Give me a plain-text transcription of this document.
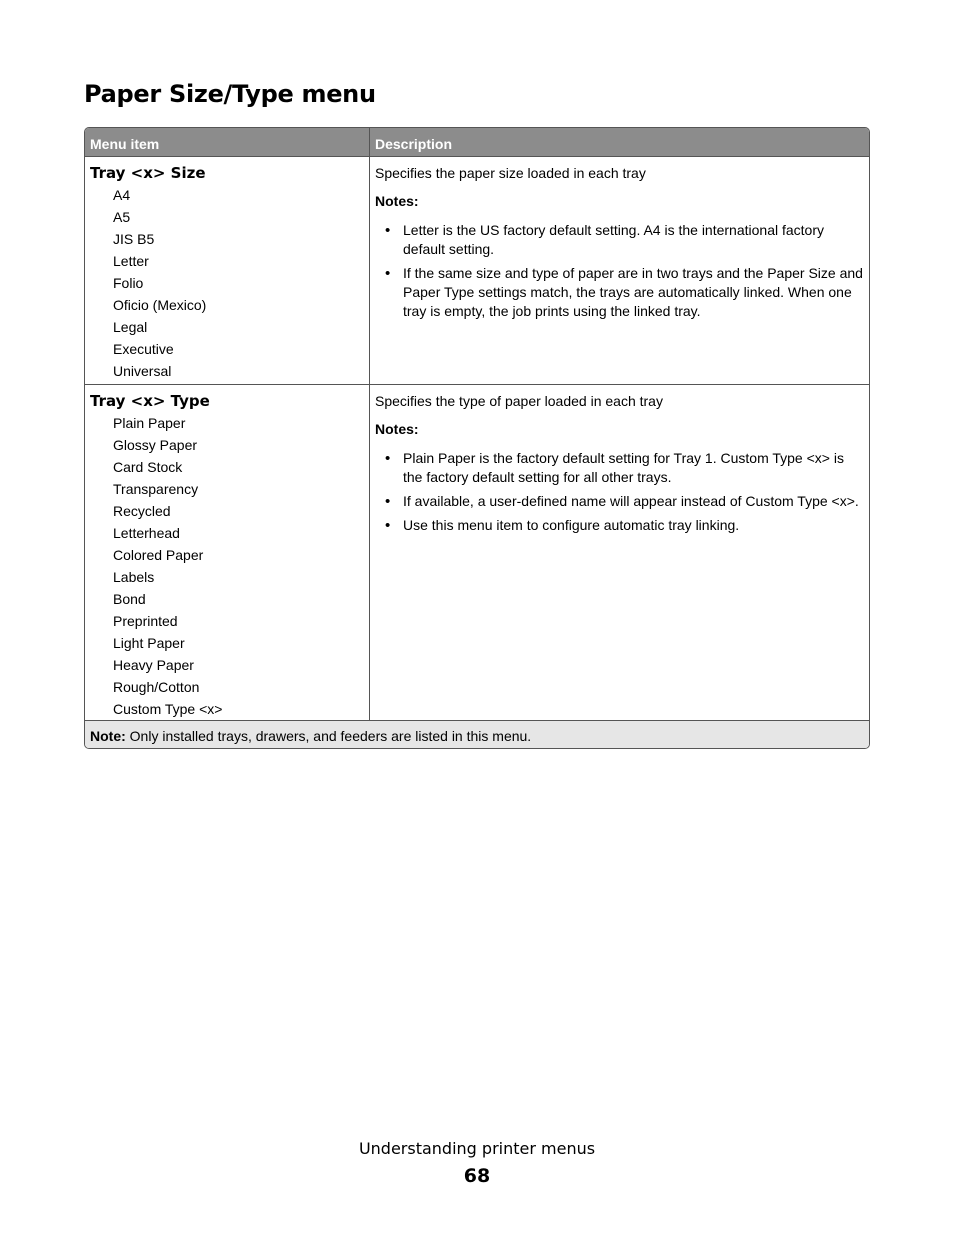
Paper Size/Type menu
Menu item	Description
Tray <x> Size
A4
A5
JIS B5
Letter
Folio
Oficio (Mexico)
Legal
Executive
Universal

Specifies the paper size loaded in each tray

Notes:

• Letter is the US factory default setting. A4 is the international factory default setting.
• If the same size and type of paper are in two trays and the Paper Size and Paper Type settings match, the trays are automatically linked. When one tray is empty, the job prints using the linked tray.
Tray <x> Type
Plain Paper
Glossy Paper
Card Stock
Transparency
Recycled
Letterhead
Colored Paper
Labels
Bond
Preprinted
Light Paper
Heavy Paper
Rough/Cotton
Custom Type <x>

Specifies the type of paper loaded in each tray

Notes:

• Plain Paper is the factory default setting for Tray 1. Custom Type <x> is the factory default setting for all other trays.
• If available, a user-defined name will appear instead of Custom Type <x>.
• Use this menu item to configure automatic tray linking.
Note: Only installed trays, drawers, and feeders are listed in this menu.
Understanding printer menus
68
